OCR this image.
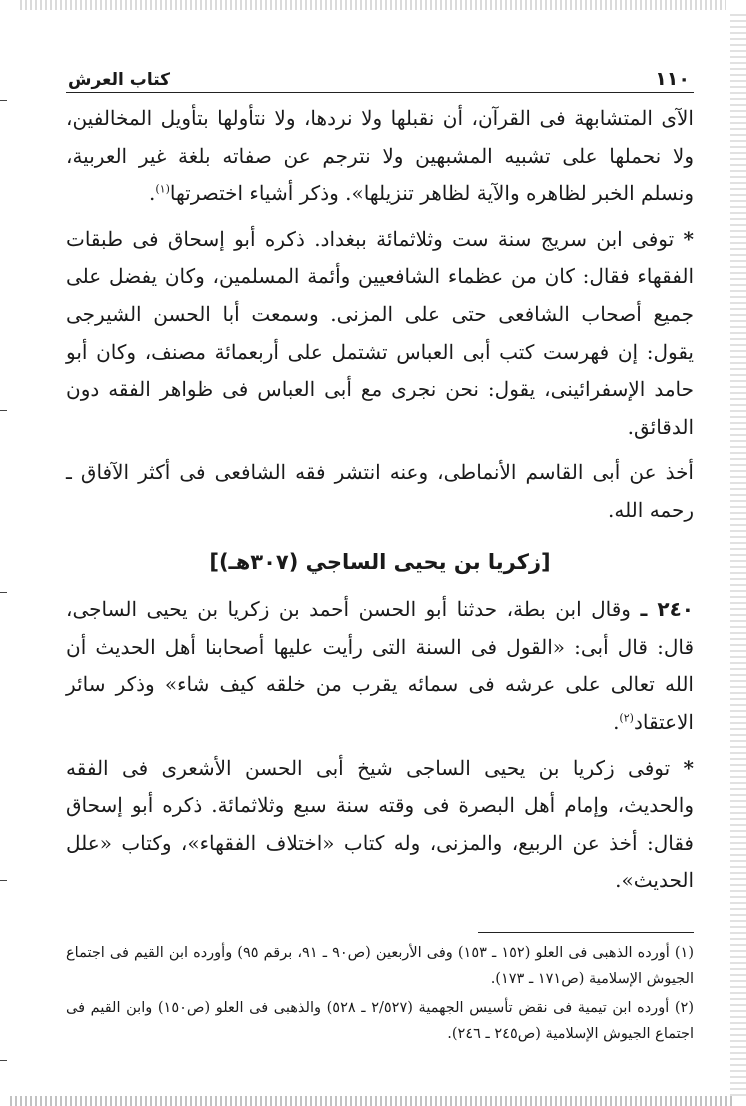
١١٠
كتاب العرش

الآى المتشابهة فى القرآن، أن نقبلها ولا نردها، ولا نتأولها بتأويل المخالفين، ولا نحملها على تشبيه المشبهين ولا نترجم عن صفاته بلغة غير العربية، ونسلم الخبر لظاهره والآية لظاهر تنزيلها». وذكر أشياء اختصرتها$^{(١)}$.

* توفى ابن سريج سنة ست وثلاثمائة ببغداد. ذكره أبو إسحاق فى طبقات الفقهاء فقال: كان من عظماء الشافعيين وأئمة المسلمين، وكان يفضل على جميع أصحاب الشافعى حتى على المزنى. وسمعت أبا الحسن الشيرجى يقول: إن فهرست كتب أبى العباس تشتمل على أربعمائة مصنف، وكان أبو حامد الإسفرائينى، يقول: نحن نجرى مع أبى العباس فى ظواهر الفقه دون الدقائق.

أخذ عن أبى القاسم الأنماطى، وعنه انتشر فقه الشافعى فى أكثر الآفاق ـ رحمه الله.

[زكريا بن يحيى الساجي (٣٠٧هـ)]

٢٤٠ ـ وقال ابن بطة، حدثنا أبو الحسن أحمد بن زكريا بن يحيى الساجى، قال: قال أبى: «القول فى السنة التى رأيت عليها أصحابنا أهل الحديث أن الله تعالى على عرشه فى سمائه يقرب من خلقه كيف شاء» وذكر سائر الاعتقاد$^{(٢)}$.

* توفى زكريا بن يحيى الساجى شيخ أبى الحسن الأشعرى فى الفقه والحديث، وإمام أهل البصرة فى وقته سنة سبع وثلاثمائة. ذكره أبو إسحاق فقال: أخذ عن الربيع، والمزنى، وله كتاب «اختلاف الفقهاء»، وكتاب «علل الحديث».

(١) أورده الذهبى فى العلو (١٥٢ ـ ١٥٣) وفى الأربعين (ص٩٠ ـ ٩١، برقم ٩٥) وأورده ابن القيم فى اجتماع الجيوش الإسلامية (ص١٧١ ـ ١٧٣).

(٢) أورده ابن تيمية فى نقض تأسيس الجهمية (٢/٥٢٧ ـ ٥٢٨) والذهبى فى العلو (ص١٥٠) وابن القيم فى اجتماع الجيوش الإسلامية (ص٢٤٥ ـ ٢٤٦).
